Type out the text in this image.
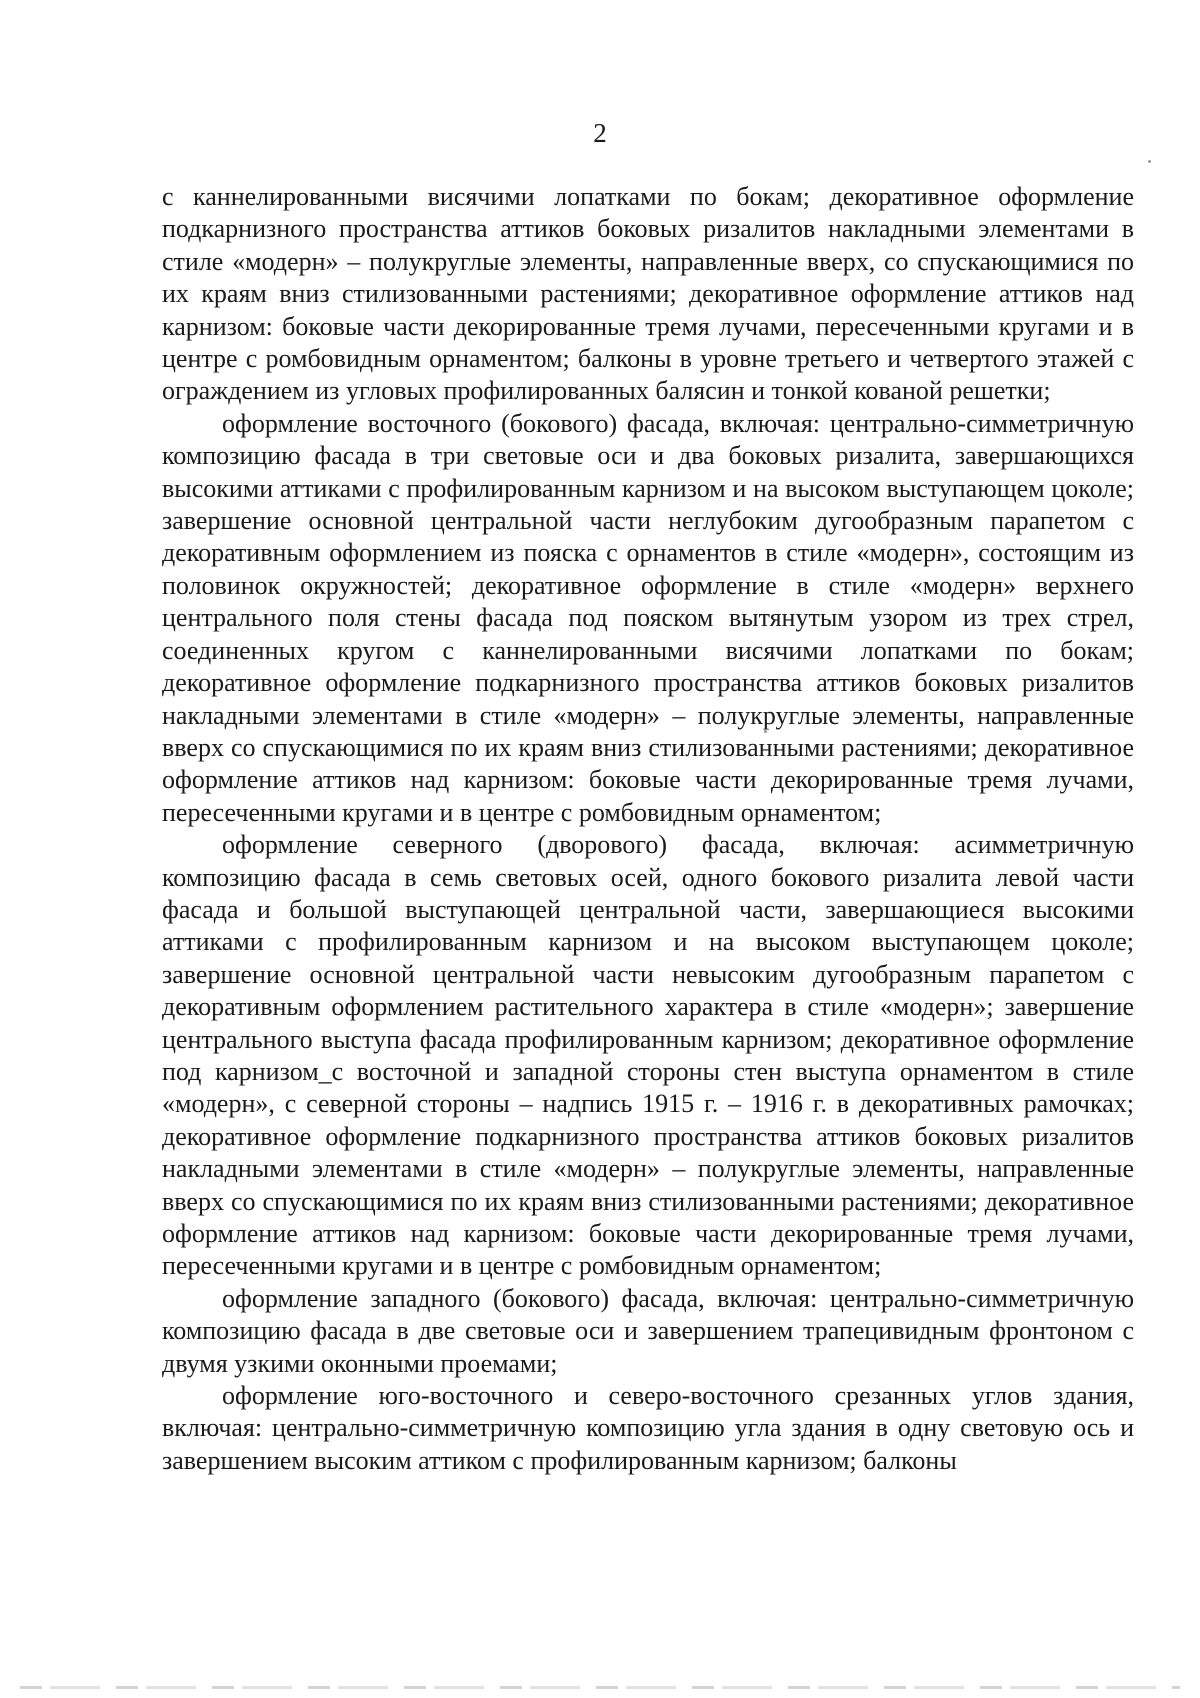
2

с каннелированными висячими лопатками по бокам; декоративное оформление подкарнизного пространства аттиков боковых ризалитов накладными элементами в стиле «модерн» – полукруглые элементы, направленные вверх, со спускающимися по их краям вниз стилизованными растениями; декоративное оформление аттиков над карнизом: боковые части декорированные тремя лучами, пересеченными кругами и в центре с ромбовидным орнаментом; балконы в уровне третьего и четвертого этажей с ограждением из угловых профилированных балясин и тонкой кованой решетки;

оформление восточного (бокового) фасада, включая: центрально-симметричную композицию фасада в три световые оси и два боковых ризалита, завершающихся высокими аттиками с профилированным карнизом и на высоком выступающем цоколе; завершение основной центральной части неглубоким дугообразным парапетом с декоративным оформлением из пояска с орнаментов в стиле «модерн», состоящим из половинок окружностей; декоративное оформление в стиле «модерн» верхнего центрального поля стены фасада под пояском вытянутым узором из трех стрел, соединенных кругом с каннелированными висячими лопатками по бокам; декоративное оформление подкарнизного пространства аттиков боковых ризалитов накладными элементами в стиле «модерн» – полукруглые элементы, направленные вверх со спускающимися по их краям вниз стилизованными растениями; декоративное оформление аттиков над карнизом: боковые части декорированные тремя лучами, пересеченными кругами и в центре с ромбовидным орнаментом;

оформление северного (дворового) фасада, включая: асимметричную композицию фасада в семь световых осей, одного бокового ризалита левой части фасада и большой выступающей центральной части, завершающиеся высокими аттиками с профилированным карнизом и на высоком выступающем цоколе; завершение основной центральной части невысоким дугообразным парапетом с декоративным оформлением растительного характера в стиле «модерн»; завершение центрального выступа фасада профилированным карнизом; декоративное оформление под карнизом_с восточной и западной стороны стен выступа орнаментом в стиле «модерн», с северной стороны – надпись 1915 г. – 1916 г. в декоративных рамочках; декоративное оформление подкарнизного пространства аттиков боковых ризалитов накладными элементами в стиле «модерн» – полукруглые элементы, направленные вверх со спускающимися по их краям вниз стилизованными растениями; декоративное оформление аттиков над карнизом: боковые части декорированные тремя лучами, пересеченными кругами и в центре с ромбовидным орнаментом;

оформление западного (бокового) фасада, включая: центрально-симметричную композицию фасада в две световые оси и завершением трапецивидным фронтоном с двумя узкими оконными проемами;

оформление юго-восточного и северо-восточного срезанных углов здания, включая: центрально-симметричную композицию угла здания в одну световую ось и завершением высоким аттиком с профилированным карнизом; балконы
